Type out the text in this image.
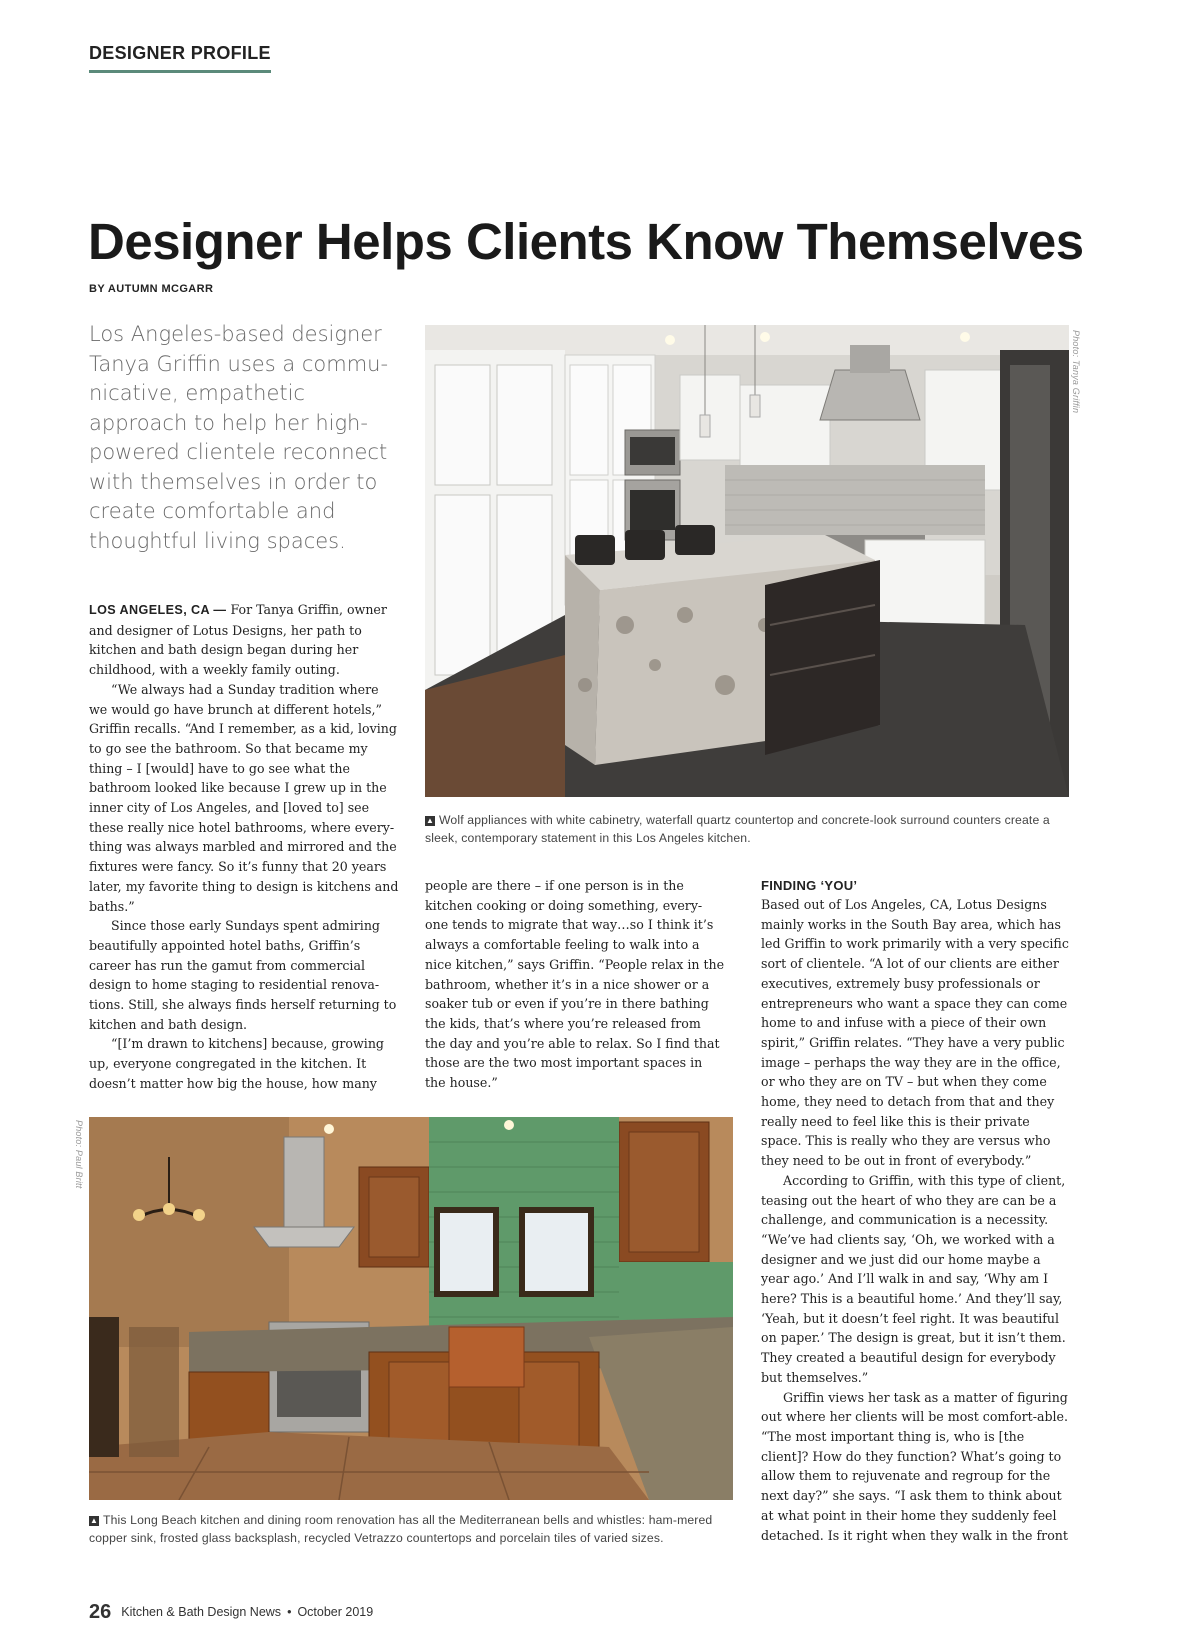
DESIGNER PROFILE
Designer Helps Clients Know Themselves
BY AUTUMN MCGARR
Los Angeles-based designer Tanya Griffin uses a commu-nicative, empathetic approach to help her high-powered clientele reconnect with themselves in order to create comfortable and thoughtful living spaces.
Photo: Tanya Griffin
▲ Wolf appliances with white cabinetry, waterfall quartz countertop and concrete-look surround counters create a sleek, contemporary statement in this Los Angeles kitchen.

LOS ANGELES, CA — For Tanya Griffin, owner and designer of Lotus Designs, her path to kitchen and bath design began during her childhood, with a weekly family outing.

“We always had a Sunday tradition where we would go have brunch at different hotels,” Griffin recalls. “And I remember, as a kid, loving to go see the bathroom. So that became my thing – I [would] have to go see what the bathroom looked like because I grew up in the inner city of Los Angeles, and [loved to] see these really nice hotel bathrooms, where every-thing was always marbled and mirrored and the fixtures were fancy. So it’s funny that 20 years later, my favorite thing to design is kitchens and baths.”

Since those early Sundays spent admiring beautifully appointed hotel baths, Griffin’s career has run the gamut from commercial design to home staging to residential renova-tions. Still, she always finds herself returning to kitchen and bath design.

“[I’m drawn to kitchens] because, growing up, everyone congregated in the kitchen. It doesn’t matter how big the house, how many

people are there – if one person is in the kitchen cooking or doing something, every-one tends to migrate that way…so I think it’s always a comfortable feeling to walk into a nice kitchen,” says Griffin. “People relax in the bathroom, whether it’s in a nice shower or a soaker tub or even if you’re in there bathing the kids, that’s where you’re released from the day and you’re able to relax. So I find that those are the two most important spaces in the house.”

FINDING ‘YOU’

Based out of Los Angeles, CA, Lotus Designs mainly works in the South Bay area, which has led Griffin to work primarily with a very specific sort of clientele. “A lot of our clients are either executives, extremely busy professionals or entrepreneurs who want a space they can come home to and infuse with a piece of their own spirit,” Griffin relates. “They have a very public image – perhaps the way they are in the office, or who they are on TV – but when they come home, they need to detach from that and they really need to feel like this is their private space. This is really who they are versus who they need to be out in front of everybody.”

According to Griffin, with this type of client, teasing out the heart of who they are can be a challenge, and communication is a necessity. “We’ve had clients say, ‘Oh, we worked with a designer and we just did our home maybe a year ago.’ And I’ll walk in and say, ‘Why am I here? This is a beautiful home.’ And they’ll say, ‘Yeah, but it doesn’t feel right. It was beautiful on paper.’ The design is great, but it isn’t them. They created a beautiful design for everybody but themselves.”

Griffin views her task as a matter of figuring out where her clients will be most comfort-able. “The most important thing is, who is [the client]? How do they function? What’s going to allow them to rejuvenate and regroup for the next day?” she says. “I ask them to think about at what point in their home they suddenly feel detached. Is it right when they walk in the front

Photo: Paul Britt
▲ This Long Beach kitchen and dining room renovation has all the Mediterranean bells and whistles: ham-mered copper sink, frosted glass backsplash, recycled Vetrazzo countertops and porcelain tiles of varied sizes.
26 Kitchen & Bath Design News • October 2019
